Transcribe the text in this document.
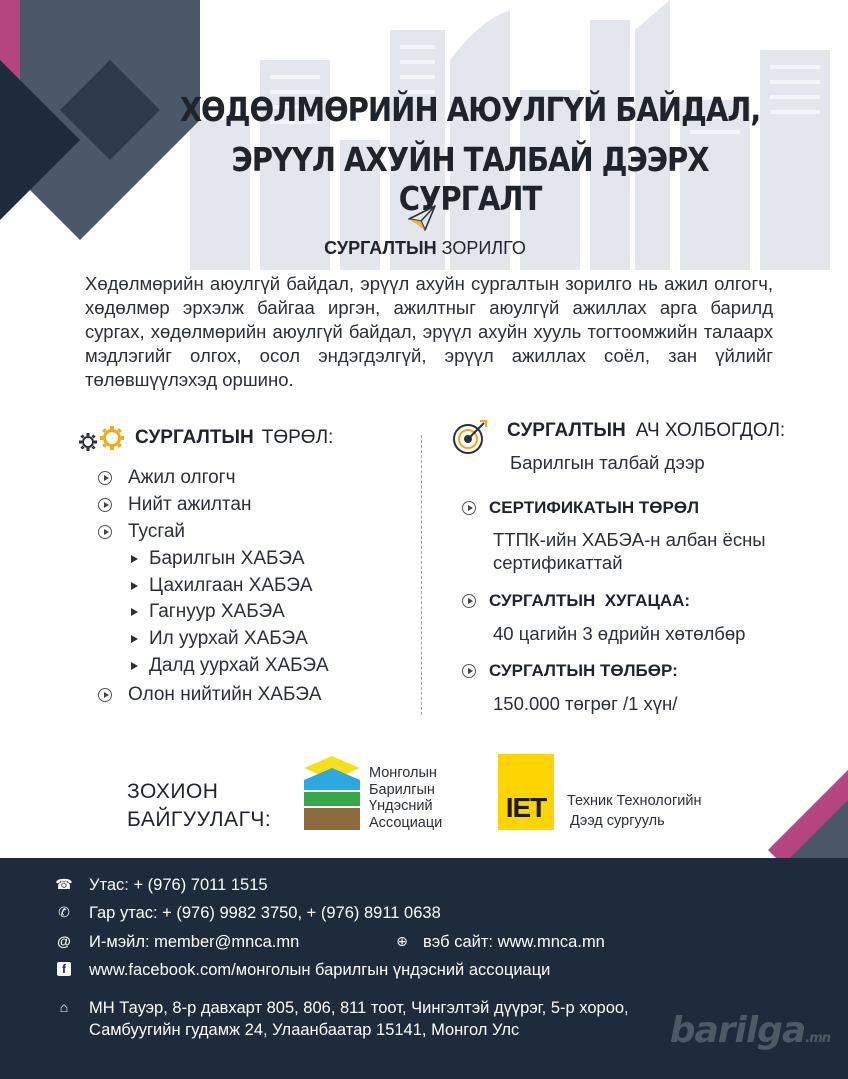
ХӨДӨЛМӨРИЙН АЮУЛГҮЙ БАЙДАЛ,
ЭРҮҮЛ АХУЙН ТАЛБАЙ ДЭЭРХ СУРГАЛТ
СУРГАЛТЫН ЗОРИЛГО

Хөдөлмөрийн аюулгүй байдал, эрүүл ахуйн сургалтын зорилго нь ажил олгогч, хөдөлмөр эрхэлж байгаа иргэн, ажилтныг аюулгүй ажиллах арга барилд сургах, хөдөлмөрийн аюулгүй байдал, эрүүл ахуйн хууль тогтоомжийн талаарх мэдлэгийг олгох, осол эндэгдэлгүй, эрүүл ажиллах соёл, зан үйлийг төлөвшүүлэхэд оршино.

СУРГАЛТЫН ТӨРӨЛ:
Ажил олгогч
Нийт ажилтан
Тусгай
Барилгын ХАБЭА
Цахилгаан ХАБЭА
Гагнуур ХАБЭА
Ил уурхай ХАБЭА
Далд уурхай ХАБЭА
Олон нийтийн ХАБЭА
СУРГАЛТЫН АЧ ХОЛБОГДОЛ:
Барилгын талбай дээр
СЕРТИФИКАТЫН ТӨРӨЛ
ТТПК-ийн ХАБЭА-н албан ёсны
сертификаттай
СУРГАЛТЫН  ХУГАЦАА:
40 цагийн 3 өдрийн хөтөлбөр
СУРГАЛТЫН ТӨЛБӨР:
150.000 төгрөг /1 хүн/
ЗОХИОН
БАЙГУУЛАГЧ:
Монголын
Барилгын
Үндэсний
Ассоциаци IET Техник Технологийн
Дээд сургууль
☎ Утас: + (976) 7011 1515
✆ Гар утас: + (976) 9982 3750, + (976) 8911 0638
@ И-мэйл: member@mnca.mn	⊕ вэб сайт: www.mnca.mn
f	www.facebook.com/монголын барилгын үндэсний ассоциаци
⌂ МН Тауэр, 8-р давхарт 805, 806, 811 тоот, Чингэлтэй дүүрэг, 5-р хороо,
Самбуугийн гудамж 24, Улаанбаатар 15141, Монгол Улс	barilga.mn
